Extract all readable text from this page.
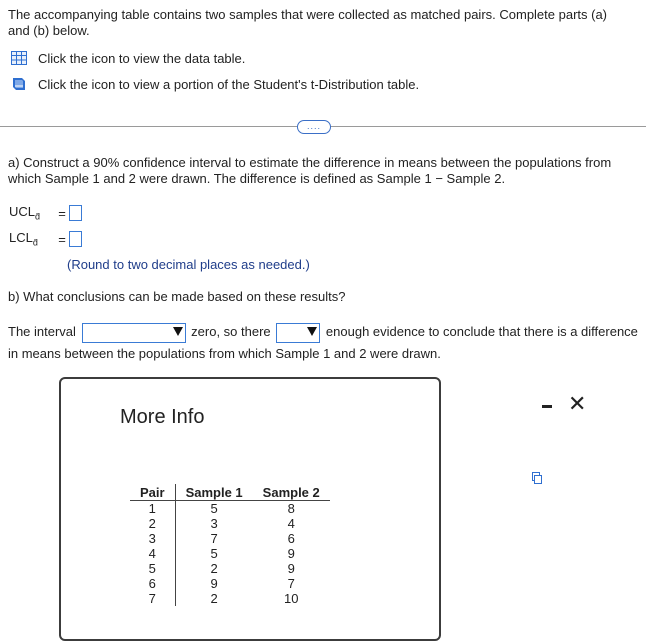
The accompanying table contains two samples that were collected as matched pairs. Complete parts (a) and (b) below.
Click the icon to view the data table.
Click the icon to view a portion of the Student's t-Distribution table.
....
a) Construct a 90% confidence interval to estimate the difference in means between the populations from which Sample 1 and 2 were drawn. The difference is defined as Sample 1 − Sample 2.
$UCL_{d̄}$	=
$LCL_{d̄}$	=
(Round to two decimal places as needed.)
b) What conclusions can be made based on these results?
The interval	zero, so there	enough evidence to conclude that there is a difference in means between the populations from which Sample 1 and 2 were drawn.
More Info
✕
Pair	Sample 1	Sample 2
1	5	8
2	3	4
3	7	6
4	5	9
5	2	9
6	9	7
7	2	10
